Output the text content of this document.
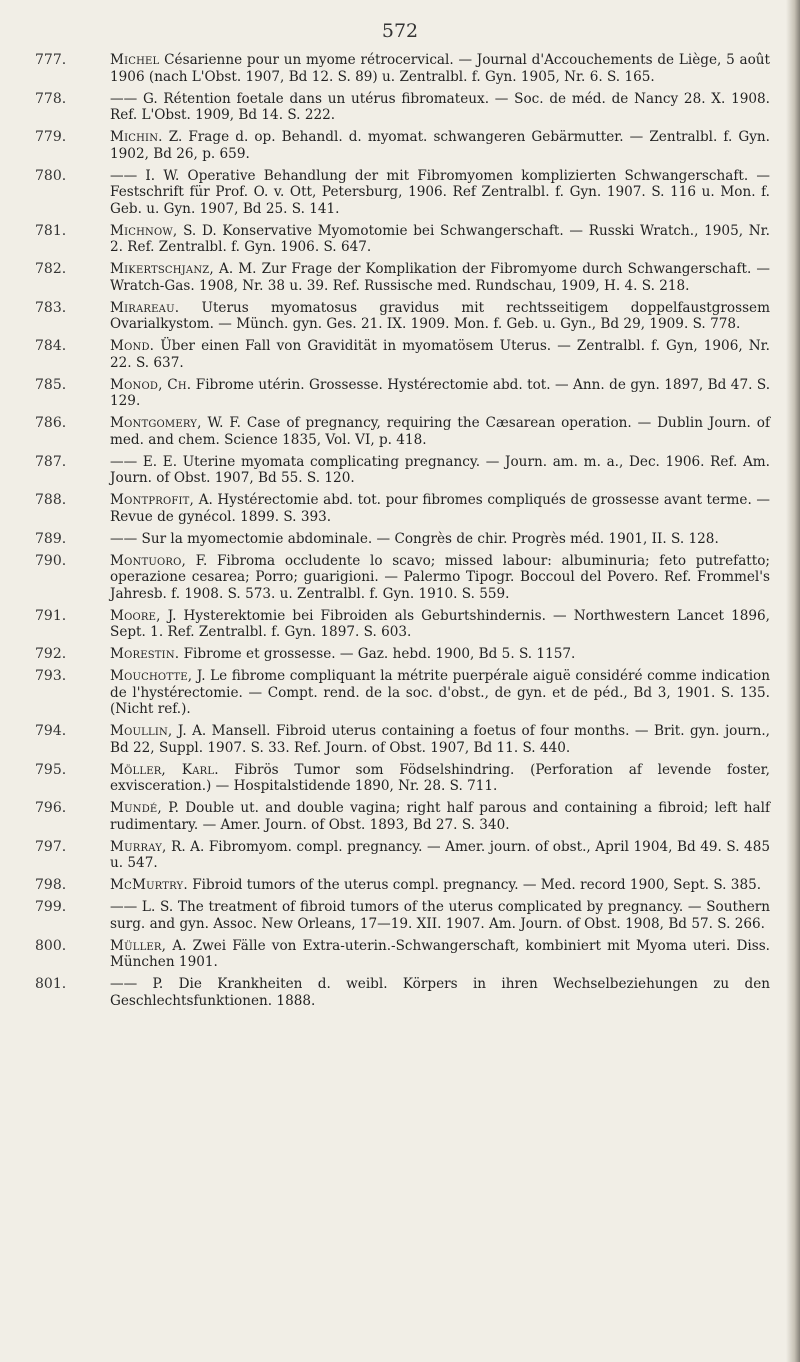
572
777.	Michel Césarienne pour un myome rétrocervical. — Journal d'Accouchements de Liège, 5 août 1906 (nach L'Obst. 1907, Bd 12. S. 89) u. Zentralbl. f. Gyn. 1905, Nr. 6. S. 165.
778.	—— G. Rétention foetale dans un utérus fibromateux. — Soc. de méd. de Nancy 28. X. 1908. Ref. L'Obst. 1909, Bd 14. S. 222.
779.	Michin. Z. Frage d. op. Behandl. d. myomat. schwangeren Gebärmutter. — Zentralbl. f. Gyn. 1902, Bd 26, p. 659.
780.	—— I. W. Operative Behandlung der mit Fibromyomen komplizierten Schwangerschaft. — Festschrift für Prof. O. v. Ott, Petersburg, 1906. Ref Zentralbl. f. Gyn. 1907. S. 116 u. Mon. f. Geb. u. Gyn. 1907, Bd 25. S. 141.
781.	Michnow, S. D. Konservative Myomotomie bei Schwangerschaft. — Russki Wratch., 1905, Nr. 2. Ref. Zentralbl. f. Gyn. 1906. S. 647.
782.	Mikertschjanz, A. M. Zur Frage der Komplikation der Fibromyome durch Schwangerschaft. — Wratch-Gas. 1908, Nr. 38 u. 39. Ref. Russische med. Rundschau, 1909, H. 4. S. 218.
783.	Mirareau. Uterus myomatosus gravidus mit rechtsseitigem doppelfaustgrossem Ovarialkystom. — Münch. gyn. Ges. 21. IX. 1909. Mon. f. Geb. u. Gyn., Bd 29, 1909. S. 778.
784.	Mond. Über einen Fall von Gravidität in myomatösem Uterus. — Zentralbl. f. Gyn, 1906, Nr. 22. S. 637.
785.	Monod, Ch. Fibrome utérin. Grossesse. Hystérectomie abd. tot. — Ann. de gyn. 1897, Bd 47. S. 129.
786.	Montgomery, W. F. Case of pregnancy, requiring the Cæsarean operation. — Dublin Journ. of med. and chem. Science 1835, Vol. VI, p. 418.
787.	—— E. E. Uterine myomata complicating pregnancy. — Journ. am. m. a., Dec. 1906. Ref. Am. Journ. of Obst. 1907, Bd 55. S. 120.
788.	Montprofit, A. Hystérectomie abd. tot. pour fibromes compliqués de grossesse avant terme. — Revue de gynécol. 1899. S. 393.
789.	—— Sur la myomectomie abdominale. — Congrès de chir. Progrès méd. 1901, II. S. 128.
790.	Montuoro, F. Fibroma occludente lo scavo; missed labour: albuminuria; feto putrefatto; operazione cesarea; Porro; guarigioni. — Palermo Tipogr. Boccoul del Povero. Ref. Frommel's Jahresb. f. 1908. S. 573. u. Zentralbl. f. Gyn. 1910. S. 559.
791.	Moore, J. Hysterektomie bei Fibroiden als Geburtshindernis. — Northwestern Lancet 1896, Sept. 1. Ref. Zentralbl. f. Gyn. 1897. S. 603.
792.	Morestin. Fibrome et grossesse. — Gaz. hebd. 1900, Bd 5. S. 1157.
793.	Mouchotte, J. Le fibrome compliquant la métrite puerpérale aiguë considéré comme indication de l'hystérectomie. — Compt. rend. de la soc. d'obst., de gyn. et de péd., Bd 3, 1901. S. 135. (Nicht ref.).
794.	Moullin, J. A. Mansell. Fibroid uterus containing a foetus of four months. — Brit. gyn. journ., Bd 22, Suppl. 1907. S. 33. Ref. Journ. of Obst. 1907, Bd 11. S. 440.
795.	Möller, Karl. Fibrös Tumor som Födselshindring. (Perforation af levende foster, exvisceration.) — Hospitalstidende 1890, Nr. 28. S. 711.
796.	Mundé, P. Double ut. and double vagina; right half parous and containing a fibroid; left half rudimentary. — Amer. Journ. of Obst. 1893, Bd 27. S. 340.
797.	Murray, R. A. Fibromyom. compl. pregnancy. — Amer. journ. of obst., April 1904, Bd 49. S. 485 u. 547.
798.	McMurtry. Fibroid tumors of the uterus compl. pregnancy. — Med. record 1900, Sept. S. 385.
799.	—— L. S. The treatment of fibroid tumors of the uterus complicated by pregnancy. — Southern surg. and gyn. Assoc. New Orleans, 17—19. XII. 1907. Am. Journ. of Obst. 1908, Bd 57. S. 266.
800.	Müller, A. Zwei Fälle von Extra-uterin.-Schwangerschaft, kombiniert mit Myoma uteri. Diss. München 1901.
801.	—— P. Die Krankheiten d. weibl. Körpers in ihren Wechselbeziehungen zu den Geschlechtsfunktionen. 1888.
